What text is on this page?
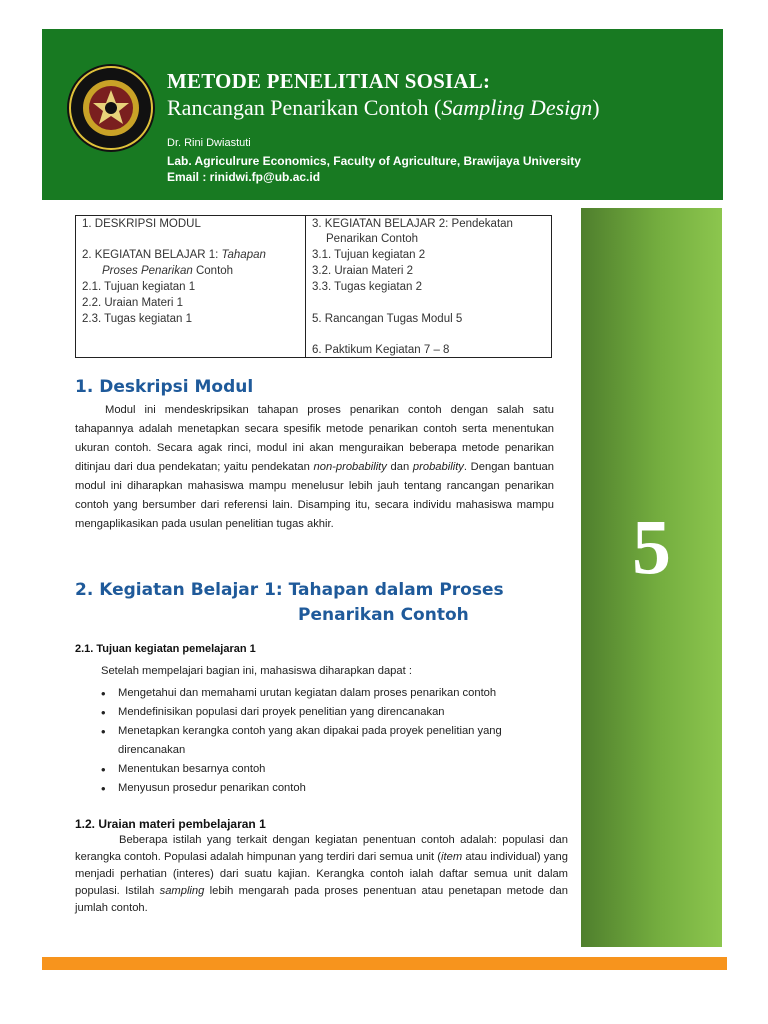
METODE PENELITIAN SOSIAL:
Rancangan Penarikan Contoh (Sampling Design)
Dr. Rini Dwiastuti
Lab. Agriculrure Economics, Faculty of Agriculture, Brawijaya University
Email : rinidwi.fp@ub.ac.id
5
1. DESKRIPSI MODUL
2. KEGIATAN BELAJAR 1: Tahapan
Proses Penarikan Contoh
2.1. Tujuan kegiatan 1
2.2. Uraian Materi 1
2.3. Tugas kegiatan 1
3. KEGIATAN BELAJAR 2: Pendekatan
Penarikan Contoh
3.1. Tujuan kegiatan 2
3.2. Uraian Materi 2
3.3. Tugas kegiatan 2
5. Rancangan Tugas Modul 5
6. Paktikum Kegiatan 7 – 8
1. Deskripsi Modul
Modul ini mendeskripsikan tahapan proses penarikan contoh dengan salah satu tahapannya adalah menetapkan secara spesifik metode penarikan contoh serta menentukan ukuran contoh. Secara agak rinci, modul ini akan menguraikan beberapa metode penarikan ditinjau dari dua pendekatan; yaitu pendekatan non-probability dan probability. Dengan bantuan modul ini diharapkan mahasiswa mampu menelusur lebih jauh tentang rancangan penarikan contoh yang bersumber dari referensi lain. Disamping itu, secara individu mahasiswa mampu mengaplikasikan pada usulan penelitian tugas akhir.
2. Kegiatan Belajar 1: Tahapan dalam Proses
Penarikan Contoh
2.1. Tujuan kegiatan pemelajaran 1
Setelah mempelajari bagian ini, mahasiswa diharapkan dapat :
• Mengetahui dan memahami urutan kegiatan dalam proses penarikan contoh
• Mendefinisikan populasi dari proyek penelitian yang direncanakan
• Menetapkan kerangka contoh yang akan dipakai pada proyek penelitian yang direncanakan
• Menentukan besarnya contoh
• Menyusun prosedur penarikan contoh
1.2. Uraian materi pembelajaran 1
Beberapa istilah yang terkait dengan kegiatan penentuan contoh adalah: populasi dan kerangka contoh. Populasi adalah himpunan yang terdiri dari semua unit (item atau individual) yang menjadi perhatian (interes) dari suatu kajian. Kerangka contoh ialah daftar semua unit dalam populasi. Istilah sampling lebih mengarah pada proses penentuan atau penetapan metode dan jumlah contoh.
